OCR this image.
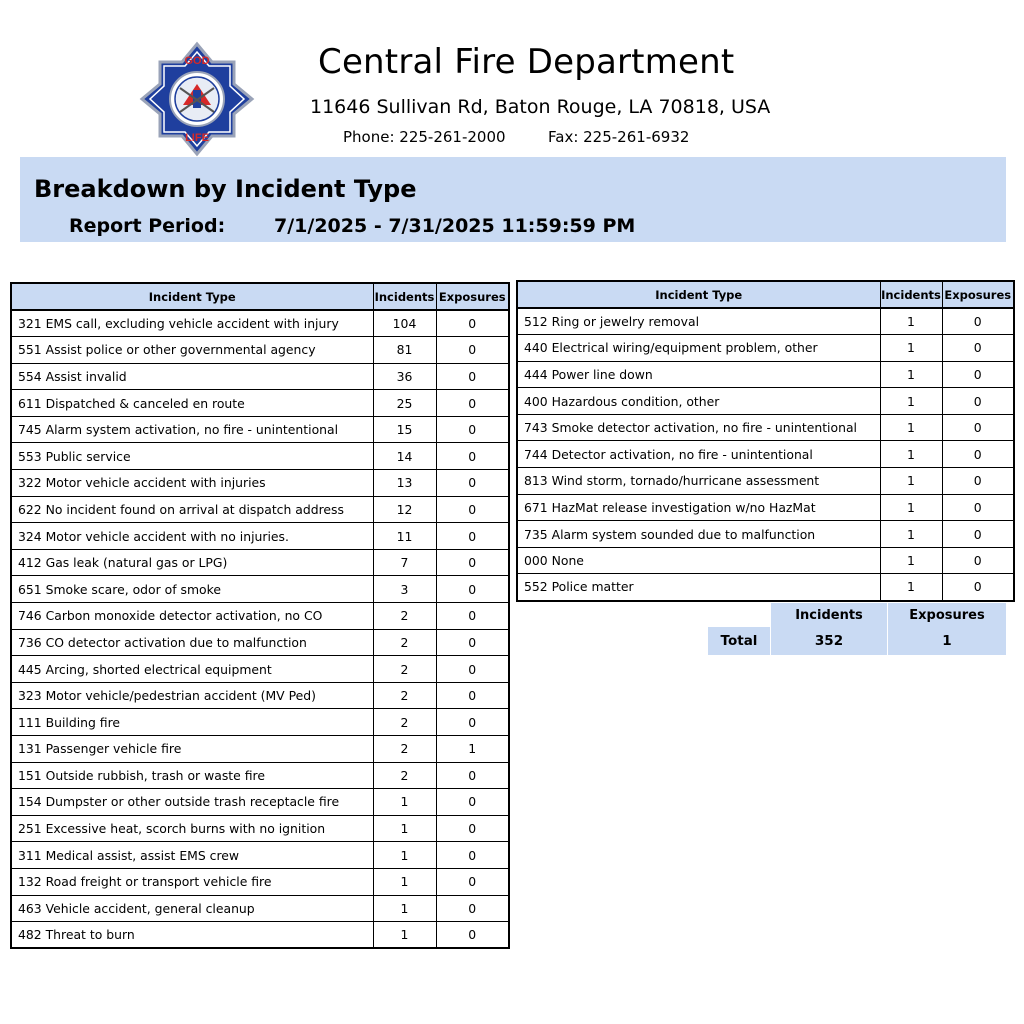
GOD
LIFE
Central Fire Department
11646 Sullivan Rd, Baton Rouge, LA 70818, USA
Phone: 225-261-2000	Fax: 225-261-6932
Breakdown by Incident Type
Report Period:	7/1/2025 - 7/31/2025 11:59:59 PM
Incident Type	Incidents	Exposures
321 EMS call, excluding vehicle accident with injury	104	0
551 Assist police or other governmental agency	81	0
554 Assist invalid	36	0
611 Dispatched & canceled en route	25	0
745 Alarm system activation, no fire - unintentional	15	0
553 Public service	14	0
322 Motor vehicle accident with injuries	13	0
622 No incident found on arrival at dispatch address	12	0
324 Motor vehicle accident with no injuries.	11	0
412 Gas leak (natural gas or LPG)	7	0
651 Smoke scare, odor of smoke	3	0
746 Carbon monoxide detector activation, no CO	2	0
736 CO detector activation due to malfunction	2	0
445 Arcing, shorted electrical equipment	2	0
323 Motor vehicle/pedestrian accident (MV Ped)	2	0
111 Building fire	2	0
131 Passenger vehicle fire	2	1
151 Outside rubbish, trash or waste fire	2	0
154 Dumpster or other outside trash receptacle fire	1	0
251 Excessive heat, scorch burns with no ignition	1	0
311 Medical assist, assist EMS crew	1	0
132 Road freight or transport vehicle fire	1	0
463 Vehicle accident, general cleanup	1	0
482 Threat to burn	1	0
Incident Type	Incidents	Exposures
512 Ring or jewelry removal	1	0
440 Electrical wiring/equipment problem, other	1	0
444 Power line down	1	0
400 Hazardous condition, other	1	0
743 Smoke detector activation, no fire - unintentional	1	0
744 Detector activation, no fire - unintentional	1	0
813 Wind storm, tornado/hurricane assessment	1	0
671 HazMat release investigation w/no HazMat	1	0
735 Alarm system sounded due to malfunction	1	0
000 None	1	0
552 Police matter	1	0
Incidents	Exposures
Total	352	1
